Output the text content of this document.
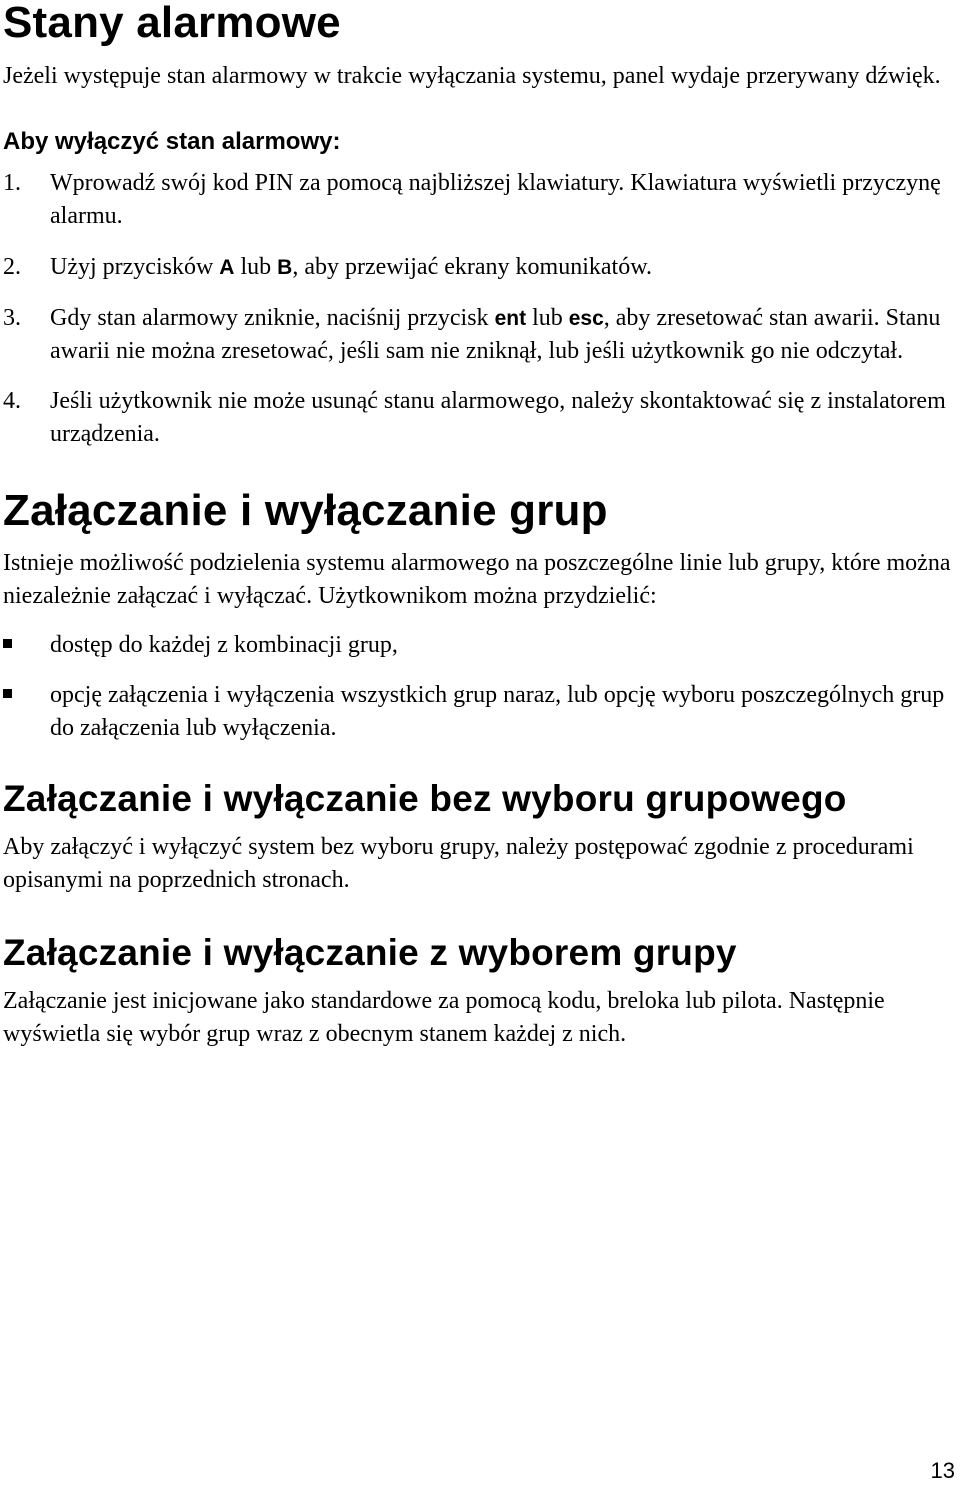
Stany alarmowe

Jeżeli występuje stan alarmowy w trakcie wyłączania systemu, panel wydaje przerywany dźwięk.

Aby wyłączyć stan alarmowy:
1. Wprowadź swój kod PIN za pomocą najbliższej klawiatury. Klawiatura wyświetli przyczynę alarmu.
2. Użyj przycisków A lub B, aby przewijać ekrany komunikatów.
3. Gdy stan alarmowy zniknie, naciśnij przycisk ent lub esc, aby zresetować stan awarii. Stanu awarii nie można zresetować, jeśli sam nie zniknął, lub jeśli użytkownik go nie odczytał.
4. Jeśli użytkownik nie może usunąć stanu alarmowego, należy skontaktować się z instalatorem urządzenia.
Załączanie i wyłączanie grup

Istnieje możliwość podzielenia systemu alarmowego na poszczególne linie lub grupy, które można niezależnie załączać i wyłączać. Użytkownikom można przydzielić:

dostęp do każdej z kombinacji grup,
opcję załączenia i wyłączenia wszystkich grup naraz, lub opcję wyboru poszczególnych grup do załączenia lub wyłączenia.
Załączanie i wyłączanie bez wyboru grupowego

Aby załączyć i wyłączyć system bez wyboru grupy, należy postępować zgodnie z procedurami opisanymi na poprzednich stronach.

Załączanie i wyłączanie z wyborem grupy

Załączanie jest inicjowane jako standardowe za pomocą kodu, breloka lub pilota. Następnie wyświetla się wybór grup wraz z obecnym stanem każdej z nich.

13
